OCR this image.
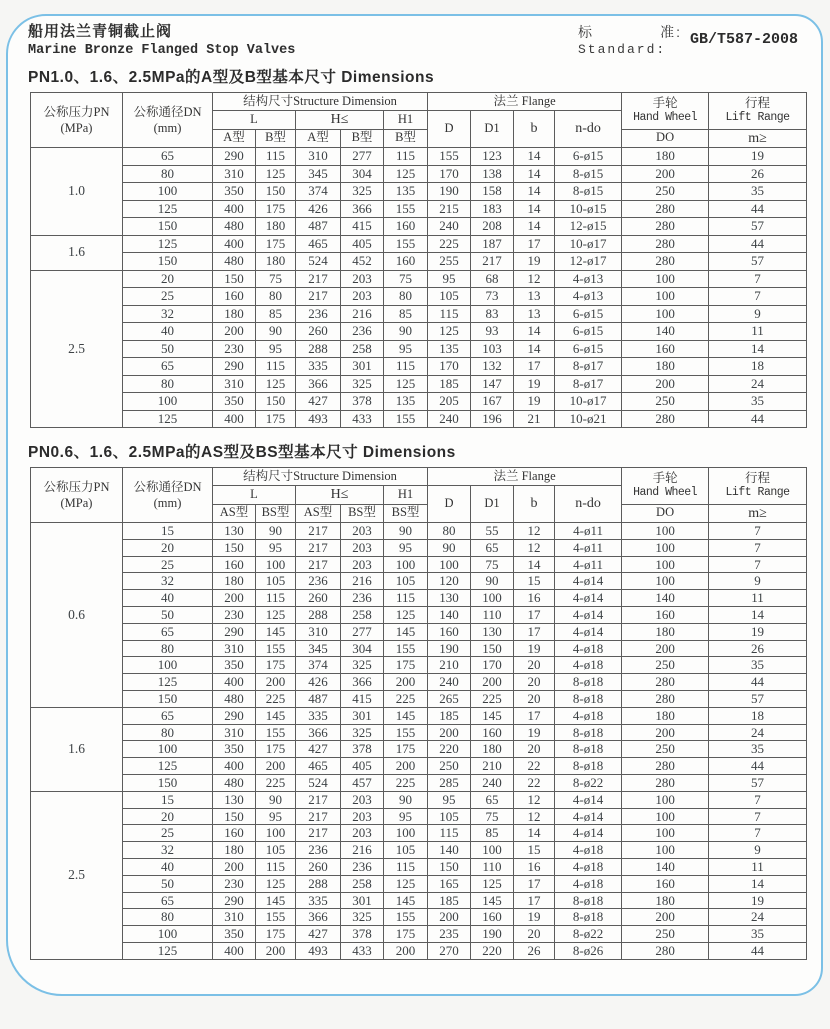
船用法兰青铜截止阀
Marine Bronze Flanged Stop Valves
标	准:
Standard:
GB/T587-2008
PN1.0、1.6、2.5MPa的A型及B型基本尺寸 Dimensions
公称压力PN
(MPa)

公称通径DN
(mm)
	结构尺寸Structure Dimension	法兰 Flange	手轮
Hand Wheel

行程
Lift Range

		L		H≤		H1	D	D1	b	n-do		
		A型	B型	A型	B型	B型					DO	m≥
1.0	65	290	115	310	277	115	155	123	14	6-ø15	180	19
	80	310	125	345	304	125	170	138	14	8-ø15	200	26
	100	350	150	374	325	135	190	158	14	8-ø15	250	35
	125	400	175	426	366	155	215	183	14	10-ø15	280	44
	150	480	180	487	415	160	240	208	14	12-ø15	280	57
1.6	125	400	175	465	405	155	225	187	17	10-ø17	280	44
	150	480	180	524	452	160	255	217	19	12-ø17	280	57
2.5	20	150	75	217	203	75	95	68	12	4-ø13	100	7
	25	160	80	217	203	80	105	73	13	4-ø13	100	7
	32	180	85	236	216	85	115	83	13	6-ø15	100	9
	40	200	90	260	236	90	125	93	14	6-ø15	140	11
	50	230	95	288	258	95	135	103	14	6-ø15	160	14
	65	290	115	335	301	115	170	132	17	8-ø17	180	18
	80	310	125	366	325	125	185	147	19	8-ø17	200	24
	100	350	150	427	378	135	205	167	19	10-ø17	250	35
	125	400	175	493	433	155	240	196	21	10-ø21	280	44
PN0.6、1.6、2.5MPa的AS型及BS型基本尺寸 Dimensions
公称压力PN
(MPa)

公称通径DN
(mm)
	结构尺寸Structure Dimension	法兰 Flange	手轮
Hand Wheel

行程
Lift Range

		L		H≤		H1	D	D1	b	n-do		
		AS型	BS型	AS型	BS型	BS型					DO	m≥
0.6	15	130	90	217	203	90	80	55	12	4-ø11	100	7
	20	150	95	217	203	95	90	65	12	4-ø11	100	7
	25	160	100	217	203	100	100	75	14	4-ø11	100	7
	32	180	105	236	216	105	120	90	15	4-ø14	100	9
	40	200	115	260	236	115	130	100	16	4-ø14	140	11
	50	230	125	288	258	125	140	110	17	4-ø14	160	14
	65	290	145	310	277	145	160	130	17	4-ø14	180	19
	80	310	155	345	304	155	190	150	19	4-ø18	200	26
	100	350	175	374	325	175	210	170	20	4-ø18	250	35
	125	400	200	426	366	200	240	200	20	8-ø18	280	44
	150	480	225	487	415	225	265	225	20	8-ø18	280	57
1.6	65	290	145	335	301	145	185	145	17	4-ø18	180	18
	80	310	155	366	325	155	200	160	19	8-ø18	200	24
	100	350	175	427	378	175	220	180	20	8-ø18	250	35
	125	400	200	465	405	200	250	210	22	8-ø18	280	44
	150	480	225	524	457	225	285	240	22	8-ø22	280	57
2.5	15	130	90	217	203	90	95	65	12	4-ø14	100	7
	20	150	95	217	203	95	105	75	12	4-ø14	100	7
	25	160	100	217	203	100	115	85	14	4-ø14	100	7
	32	180	105	236	216	105	140	100	15	4-ø18	100	9
	40	200	115	260	236	115	150	110	16	4-ø18	140	11
	50	230	125	288	258	125	165	125	17	4-ø18	160	14
	65	290	145	335	301	145	185	145	17	8-ø18	180	19
	80	310	155	366	325	155	200	160	19	8-ø18	200	24
	100	350	175	427	378	175	235	190	20	8-ø22	250	35
	125	400	200	493	433	200	270	220	26	8-ø26	280	44
